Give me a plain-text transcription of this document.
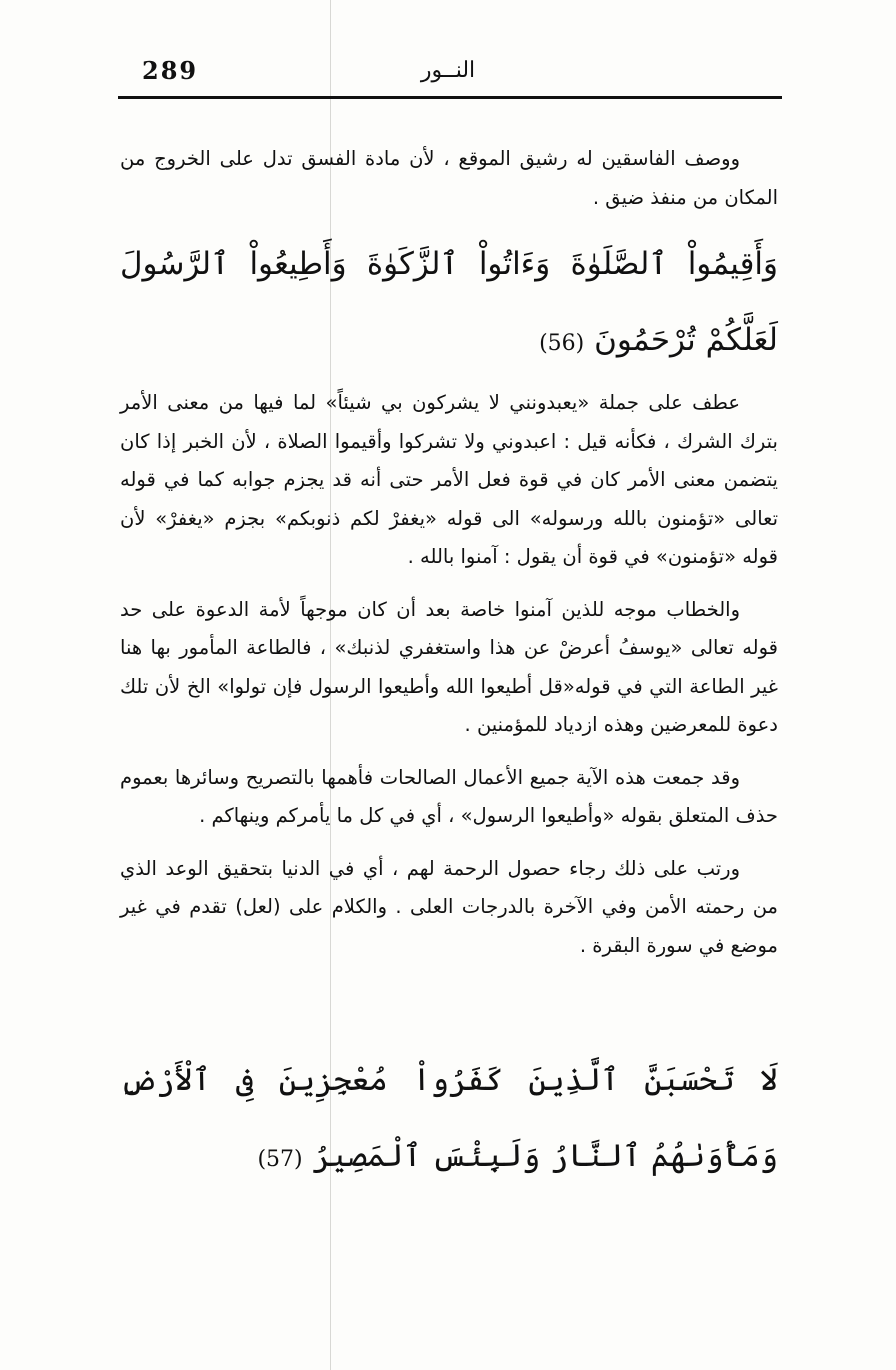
289	النــور

ووصف الفاسقين له رشيق الموقع ، لأن مادة الفسق تدل على الخروج من المكان من منفذ ضيق .

وَأَقِيمُواْ ٱلصَّلَوٰةَ وَءَاتُواْ ٱلزَّكَوٰةَ وَأَطِيعُواْ ٱلرَّسُولَ لَعَلَّكُمْ تُرْحَمُونَ (56)

عطف على جملة «يعبدونني لا يشركون بي شيئاً» لما فيها من معنى الأمر بترك الشرك ، فكأنه قيل : اعبدوني ولا تشركوا وأقيموا الصلاة ، لأن الخبر إذا كان يتضمن معنى الأمر كان في قوة فعل الأمر حتى أنه قد يجزم جوابه كما في قوله تعالى «تؤمنون بالله ورسوله» الى قوله «يغفرْ لكم ذنوبكم» بجزم «يغفرْ» لأن قوله «تؤمنون» في قوة أن يقول : آمنوا بالله .

والخطاب موجه للذين آمنوا خاصة بعد أن كان موجهاً لأمة الدعوة على حد قوله تعالى «يوسفُ أعرضْ عن هذا واستغفري لذنبك» ، فالطاعة المأمور بها هنا غير الطاعة التي في قوله«قل أطيعوا الله وأطيعوا الرسول فإن تولوا» الخ لأن تلك دعوة للمعرضين وهذه ازدياد للمؤمنين .

وقد جمعت هذه الآية جميع الأعمال الصالحات فأهمها بالتصريح وسائرها بعموم حذف المتعلق بقوله «وأطيعوا الرسول» ، أي في كل ما يأمركم وينهاكم .

ورتب على ذلك رجاء حصول الرحمة لهم ، أي في الدنيا بتحقيق الوعد الذي من رحمته الأمن وفي الآخرة بالدرجات العلى . والكلام على (لعل) تقدم في غير موضع في سورة البقرة .

لَا تَحْسَبَنَّ ٱلَّذِينَ كَفَرُواْ مُعْجِزِينَ فِى ٱلْأَرْضِ وَمَأْوَىٰهُمُ ٱلنَّارُ وَلَبِئْسَ ٱلْمَصِيرُ (57)
